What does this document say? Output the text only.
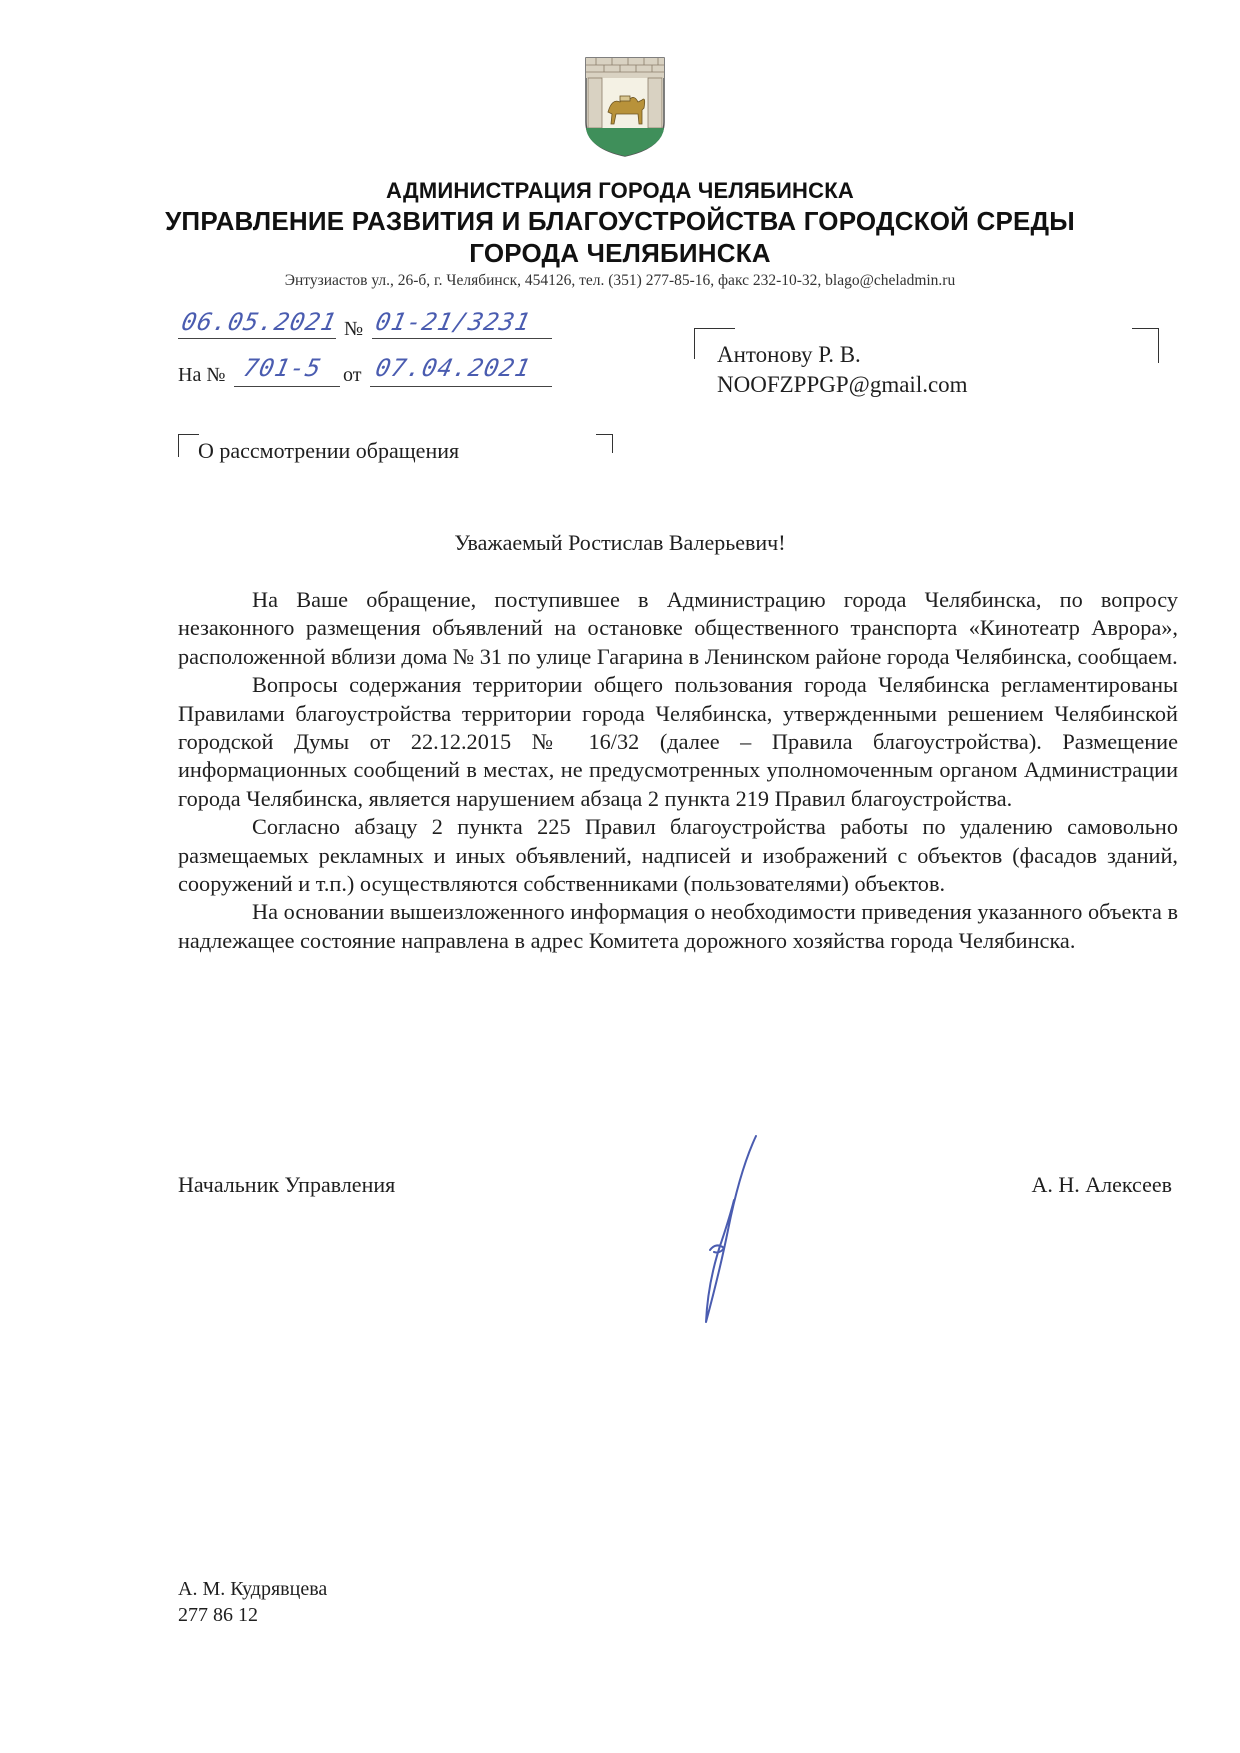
АДМИНИСТРАЦИЯ ГОРОДА ЧЕЛЯБИНСКА
УПРАВЛЕНИЕ РАЗВИТИЯ И БЛАГОУСТРОЙСТВА ГОРОДСКОЙ СРЕДЫ
ГОРОДА ЧЕЛЯБИНСКА
Энтузиастов ул., 26-б, г. Челябинск, 454126, тел. (351) 277-85-16, факс 232-10-32, blago@cheladmin.ru
06.05.2021 № 01-21/3231
На № 701-5 от 07.04.2021	Антонову Р. В.
NOOFZPPGP@gmail.com
О рассмотрении обращения
Уважаемый Ростислав Валерьевич!

На Ваше обращение, поступившее в Администрацию города Челябинска, по вопросу незаконного размещения объявлений на остановке общественного транспорта «Кинотеатр Аврора», расположенной вблизи дома № 31 по улице Гагарина в Ленинском районе города Челябинска, сообщаем.

Вопросы содержания территории общего пользования города Челябинска регламентированы Правилами благоустройства территории города Челябинска, утвержденными решением Челябинской городской Думы от 22.12.2015 № 16/32 (далее – Правила благоустройства). Размещение информационных сообщений в местах, не предусмотренных уполномоченным органом Администрации города Челябинска, является нарушением абзаца 2 пункта 219 Правил благоустройства.

Согласно абзацу 2 пункта 225 Правил благоустройства работы по удалению самовольно размещаемых рекламных и иных объявлений, надписей и изображений с объектов (фасадов зданий, сооружений и т.п.) осуществляются собственниками (пользователями) объектов.

На основании вышеизложенного информация о необходимости приведения указанного объекта в надлежащее состояние направлена в адрес Комитета дорожного хозяйства города Челябинска.

Начальник Управления	А. Н. Алексеев
А. М. Кудрявцева
277 86 12
